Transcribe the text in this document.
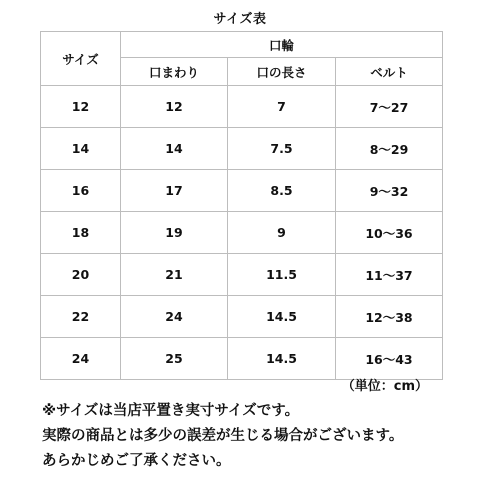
サイズ表
サイズ	口輪		
	口まわり	口の長さ	ベルト
12	12	7	7〜27
14	14	7.5	8〜29
16	17	8.5	9〜32
18	19	9	10〜36
20	21	11.5	11〜37
22	24	14.5	12〜38
24	25	14.5	16〜43
（単位：cm）
※サイズは当店平置き実寸サイズです。
実際の商品とは多少の誤差が生じる場合がございます。
あらかじめご了承ください。
